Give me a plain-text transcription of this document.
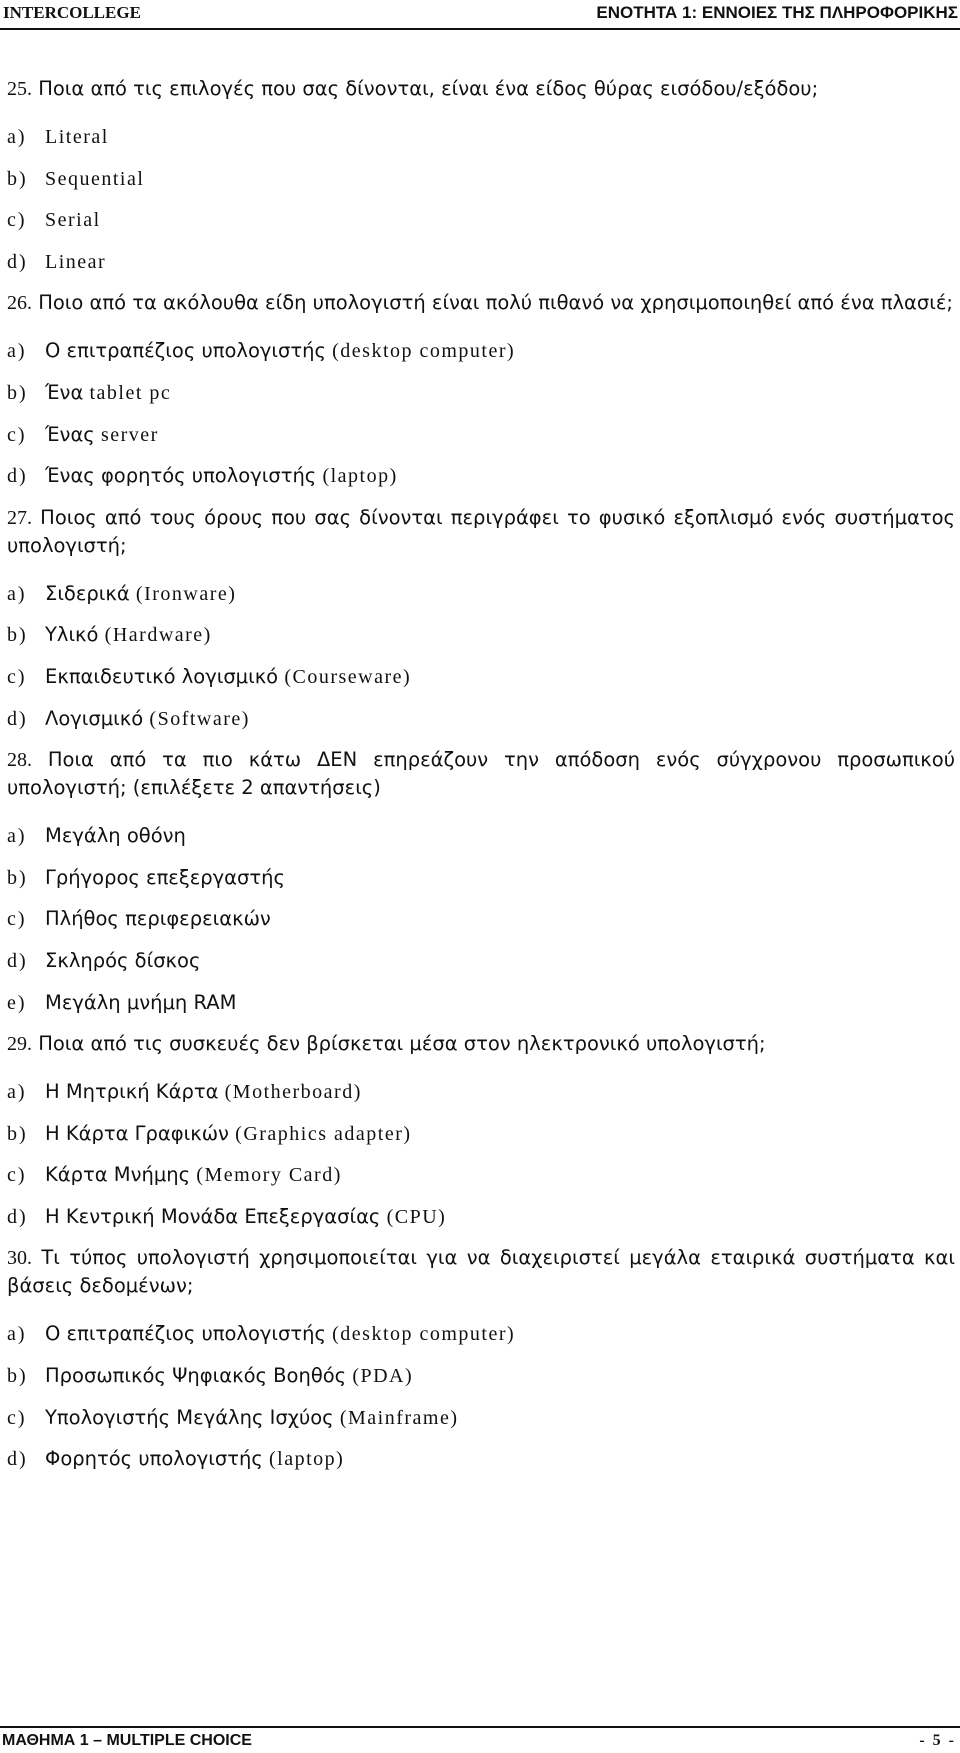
INTERCOLLEGE	ΕΝΟΤΗΤΑ 1: ΕΝΝΟΙΕΣ ΤΗΣ ΠΛΗΡΟΦΟΡΙΚΗΣ

25. Ποια από τις επιλογές που σας δίνονται, είναι ένα είδος θύρας εισόδου/εξόδου;

a) Literal
b) Sequential
c) Serial
d) Linear

26. Ποιο από τα ακόλουθα είδη υπολογιστή είναι πολύ πιθανό να χρησιμοποιηθεί από ένα πλασιέ;

a) Ο επιτραπέζιος υπολογιστής (desktop computer)
b) Ένα tablet pc
c) Ένας server
d) Ένας φορητός υπολογιστής (laptop)

27. Ποιος από τους όρους που σας δίνονται περιγράφει το φυσικό εξοπλισμό ενός συστήματος υπολογιστή;

a) Σιδερικά (Ironware)
b) Υλικό (Hardware)
c) Εκπαιδευτικό λογισμικό (Courseware)
d) Λογισμικό (Software)

28. Ποια από τα πιο κάτω ΔΕΝ επηρεάζουν την απόδοση ενός σύγχρονου προσωπικού υπολογιστή; (επιλέξετε 2 απαντήσεις)

a) Μεγάλη οθόνη
b) Γρήγορος επεξεργαστής
c) Πλήθος περιφερειακών
d) Σκληρός δίσκος
e) Μεγάλη μνήμη RAM

29. Ποια από τις συσκευές δεν βρίσκεται μέσα στον ηλεκτρονικό υπολογιστή;

a) Η Μητρική Κάρτα (Motherboard)
b) Η Κάρτα Γραφικών (Graphics adapter)
c) Κάρτα Μνήμης (Memory Card)
d) Η Κεντρική Μονάδα Επεξεργασίας (CPU)

30. Τι τύπος υπολογιστή χρησιμοποιείται για να διαχειριστεί μεγάλα εταιρικά συστήματα και βάσεις δεδομένων;

a) Ο επιτραπέζιος υπολογιστής (desktop computer)
b) Προσωπικός Ψηφιακός Βοηθός (PDA)
c) Υπολογιστής Μεγάλης Ισχύος (Mainframe)
d) Φορητός υπολογιστής (laptop)
ΜΑΘΗΜΑ 1 – MULTIPLE CHOICE	- 5 -
